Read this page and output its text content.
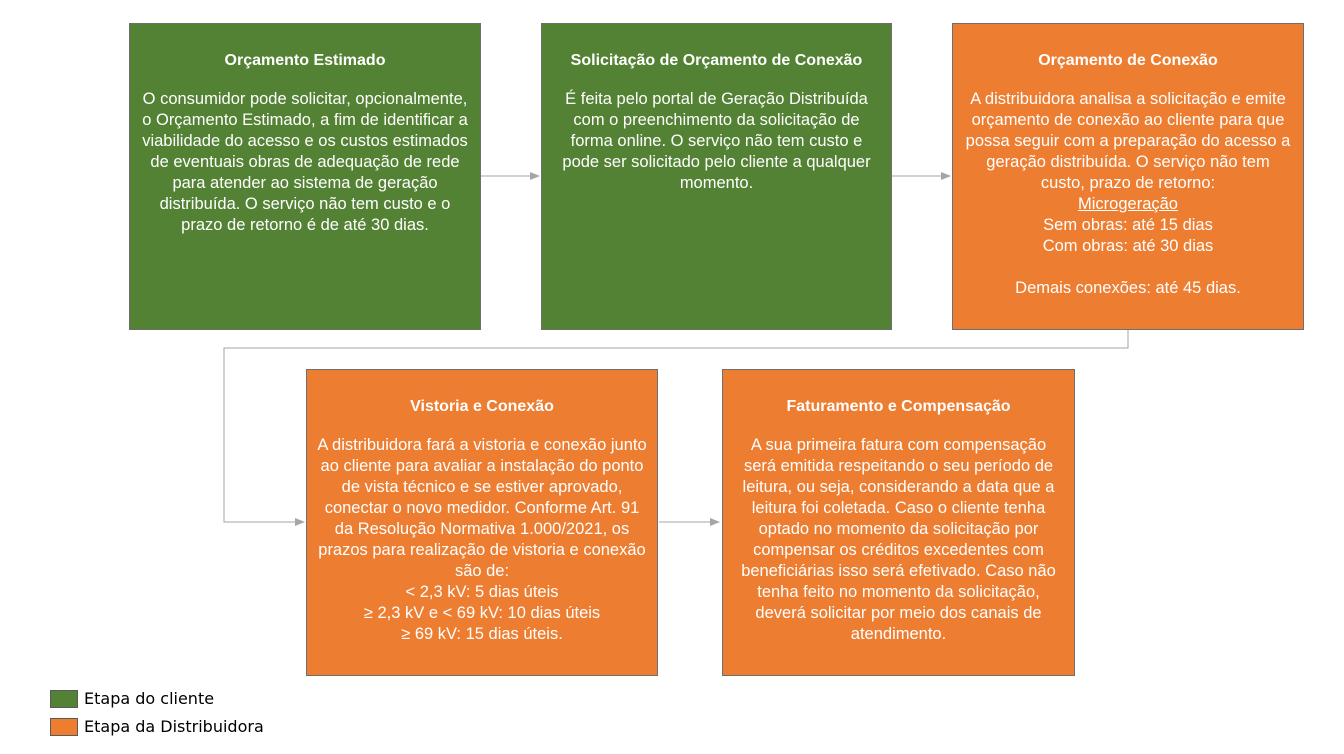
Orçamento Estimado
O consumidor pode solicitar, opcionalmente, o Orçamento Estimado, a fim de identificar a viabilidade do acesso e os custos estimados de eventuais obras de adequação de rede para atender ao sistema de geração distribuída. O serviço não tem custo e o prazo de retorno é de até 30 dias.
Solicitação de Orçamento de Conexão
É feita pelo portal de Geração Distribuída com o preenchimento da solicitação de forma online. O serviço não tem custo e pode ser solicitado pelo cliente a qualquer momento.
Orçamento de Conexão
A distribuidora analisa a solicitação e emite orçamento de conexão ao cliente para que possa seguir com a preparação do acesso a geração distribuída. O serviço não tem custo, prazo de retorno:
Microgeração
Sem obras: até 15 dias
Com obras: até 30 dias
Demais conexões: até 45 dias.
Vistoria e Conexão
A distribuidora fará a vistoria e conexão junto ao cliente para avaliar a instalação do ponto de vista técnico e se estiver aprovado, conectar o novo medidor. Conforme Art. 91 da Resolução Normativa 1.000/2021, os prazos para realização de vistoria e conexão são de:
< 2,3 kV: 5 dias úteis
≥ 2,3 kV e < 69 kV: 10 dias úteis
≥ 69 kV: 15 dias úteis.
Faturamento e Compensação
A sua primeira fatura com compensação será emitida respeitando o seu período de leitura, ou seja, considerando a data que a leitura foi coletada. Caso o cliente tenha optado no momento da solicitação por compensar os créditos excedentes com beneficiárias isso será efetivado. Caso não tenha feito no momento da solicitação, deverá solicitar por meio dos canais de atendimento.
Etapa do cliente
Etapa da Distribuidora
